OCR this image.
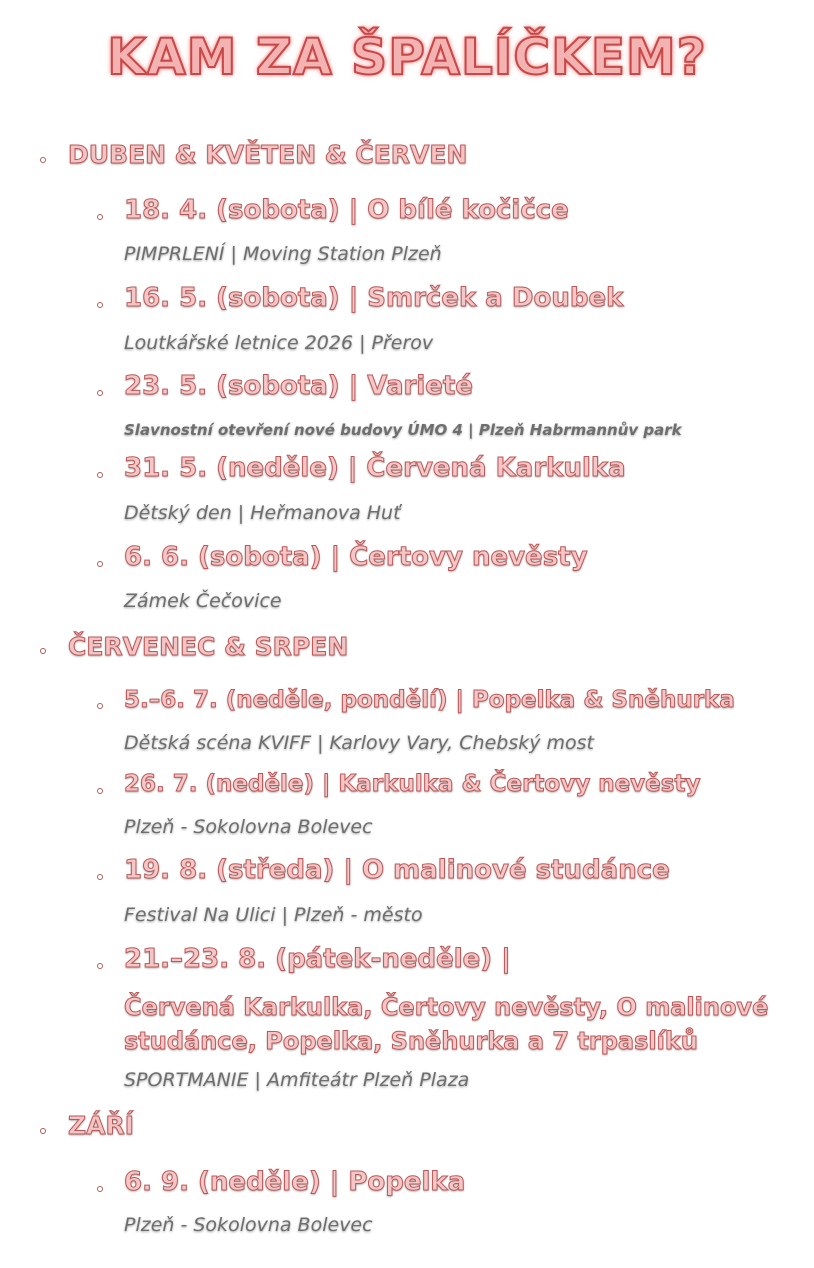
KAM ZA ŠPALÍČKEM?
DUBEN & KVĚTEN & ČERVEN
18. 4. (sobota) | O bílé kočičce
PIMPRLENÍ | Moving Station Plzeň
16. 5. (sobota) | Smrček a Doubek
Loutkářské letnice 2026 | Přerov
23. 5. (sobota) | Varieté
Slavnostní otevření nové budovy ÚMO 4 | Plzeň Habrmannův park
31. 5. (neděle) | Červená Karkulka
Dětský den | Heřmanova Huť
6. 6. (sobota) | Čertovy nevěsty
Zámek Čečovice
ČERVENEC & SRPEN
5.–6. 7. (neděle, pondělí) | Popelka & Sněhurka
Dětská scéna KVIFF | Karlovy Vary, Chebský most
26. 7. (neděle) | Karkulka & Čertovy nevěsty
Plzeň - Sokolovna Bolevec
19. 8. (středa) | O malinové studánce
Festival Na Ulici | Plzeň - město
21.–23. 8. (pátek-neděle) |
Červená Karkulka, Čertovy nevěsty, O malinové studánce, Popelka, Sněhurka a 7 trpaslíků
SPORTMANIE | Amfiteátr Plzeň Plaza
ZÁŘÍ
6. 9. (neděle) | Popelka
Plzeň - Sokolovna Bolevec
